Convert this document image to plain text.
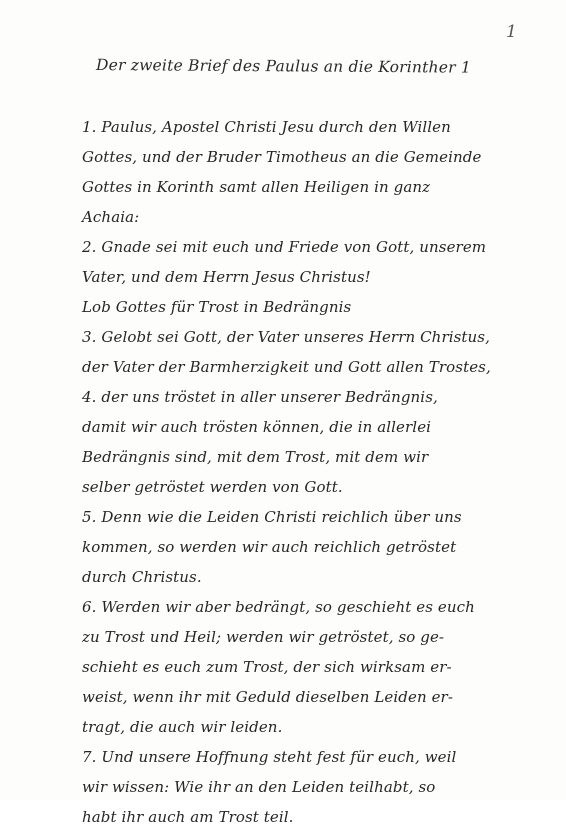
1
Der zweite Brief des Paulus an die Korinther 1
1. Paulus, Apostel Christi Jesu durch den Willen
Gottes, und der Bruder Timotheus an die Gemeinde
Gottes in Korinth samt allen Heiligen in ganz
Achaia:
2. Gnade sei mit euch und Friede von Gott, unserem
Vater, und dem Herrn Jesus Christus!
Lob Gottes für Trost in Bedrängnis
3. Gelobt sei Gott, der Vater unseres Herrn Christus,
der Vater der Barmherzigkeit und Gott allen Trostes,
4. der uns tröstet in aller unserer Bedrängnis,
damit wir auch trösten können, die in allerlei
Bedrängnis sind, mit dem Trost, mit dem wir
selber getröstet werden von Gott.
5. Denn wie die Leiden Christi reichlich über uns
kommen, so werden wir auch reichlich getröstet
durch Christus.
6. Werden wir aber bedrängt, so geschieht es euch
zu Trost und Heil; werden wir getröstet, so ge-
schieht es euch zum Trost, der sich wirksam er-
weist, wenn ihr mit Geduld dieselben Leiden er-
tragt, die auch wir leiden.
7. Und unsere Hoffnung steht fest für euch, weil
wir wissen: Wie ihr an den Leiden teilhabt, so
habt ihr auch am Trost teil.
